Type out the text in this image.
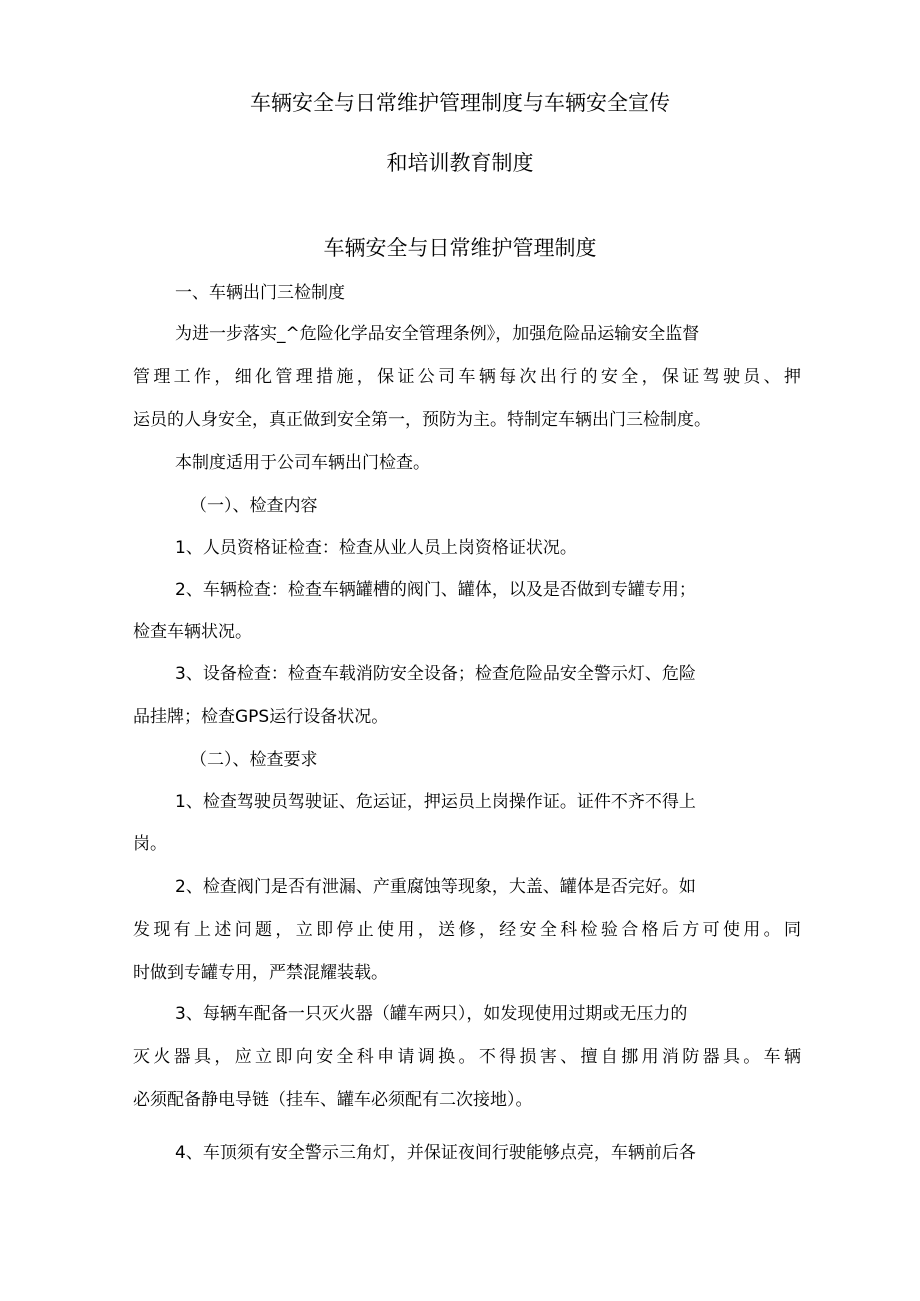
车辆安全与日常维护管理制度与车辆安全宣传
和培训教育制度
车辆安全与日常维护管理制度
一、车辆出门三检制度
为进一步落实_^危险化学品安全管理条例》，加强危险品运输安全监督
管理工作，细化管理措施，保证公司车辆每次出行的安全，保证驾驶员、押
运员的人身安全，真正做到安全第一，预防为主。特制定车辆出门三检制度。
本制度适用于公司车辆出门检查。
（一）、检查内容
1、人员资格证检查：检查从业人员上岗资格证状况。
2、车辆检查：检查车辆罐槽的阀门、罐体，以及是否做到专罐专用；
检查车辆状况。
3、设备检查：检查车载消防安全设备；检查危险品安全警示灯、危险
品挂牌；检查GPS运行设备状况。
（二）、检查要求
1、检查驾驶员驾驶证、危运证，押运员上岗操作证。证件不齐不得上
岗。
2、检查阀门是否有泄漏、产重腐蚀等现象，大盖、罐体是否完好。如
发现有上述问题，立即停止使用，送修，经安全科检验合格后方可使用。同
时做到专罐专用，严禁混耀装载。
3、每辆车配备一只灭火器（罐车两只），如发现使用过期或无压力的
灭火器具，应立即向安全科申请调换。不得损害、擅自挪用消防器具。车辆
必须配备静电导链（挂车、罐车必须配有二次接地）。
4、车顶须有安全警示三角灯，并保证夜间行驶能够点亮，车辆前后各
